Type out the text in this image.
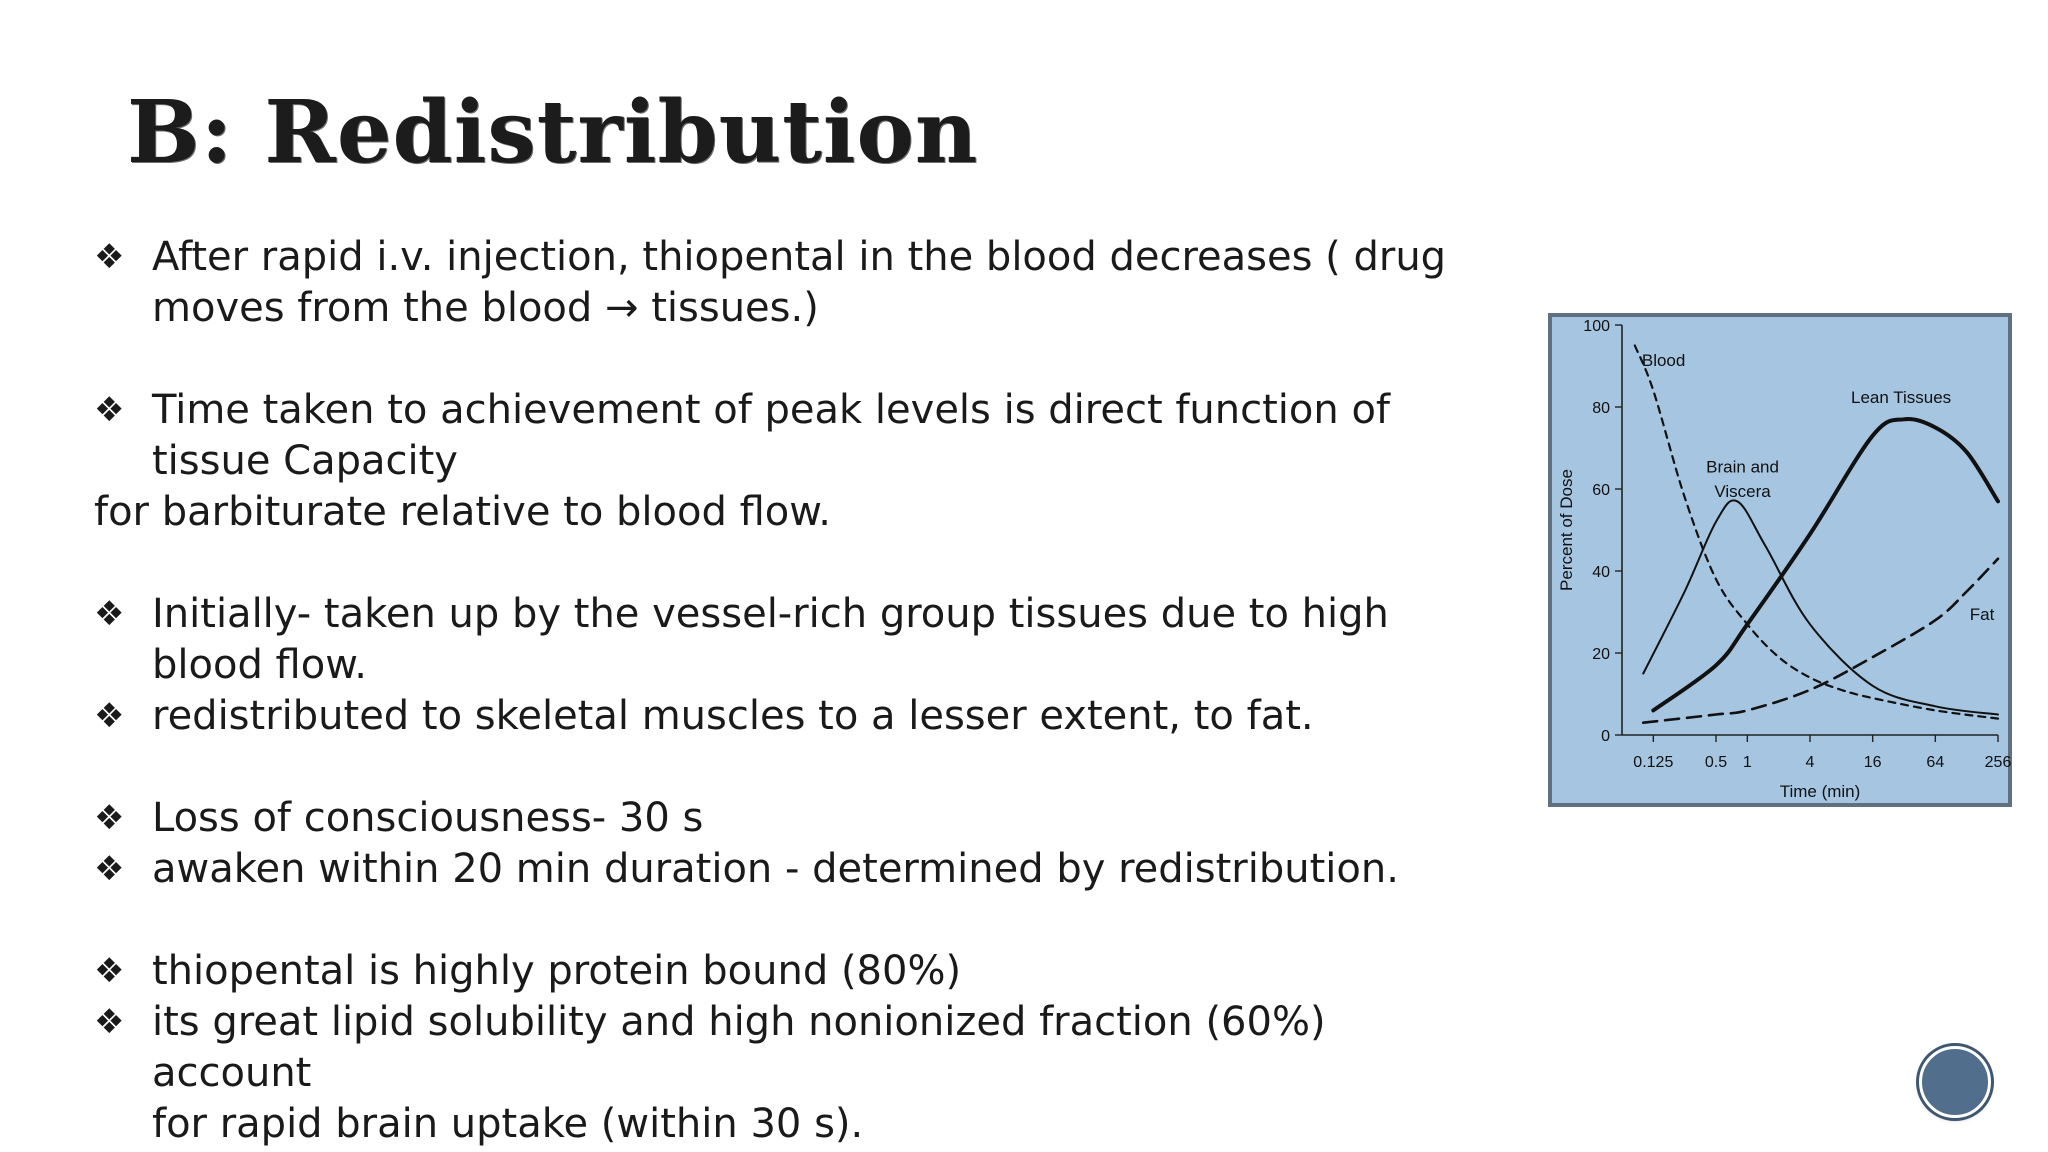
B: Redistribution
❖ After rapid i.v. injection, thiopental in the blood decreases ( drug
moves from the blood → tissues.)
❖ Time taken to achievement of peak levels is direct function of
tissue Capacity
for barbiturate relative to blood flow.
❖ Initially- taken up by the vessel-rich group tissues due to high
blood flow.
❖ redistributed to skeletal muscles to a lesser extent, to fat.
❖ Loss of consciousness- 30 s
❖ awaken within 20 min duration - determined by redistribution.
❖ thiopental is highly protein bound (80%)
❖ its great lipid solubility and high nonionized fraction (60%) account
for rapid brain uptake (within 30 s).
0
20
40
60
80
100
0.125 0.5 1	4	16	64	256
Time (min)
Percent of Dose
Blood
Brain and
Viscera
Lean Tissues
Fat
